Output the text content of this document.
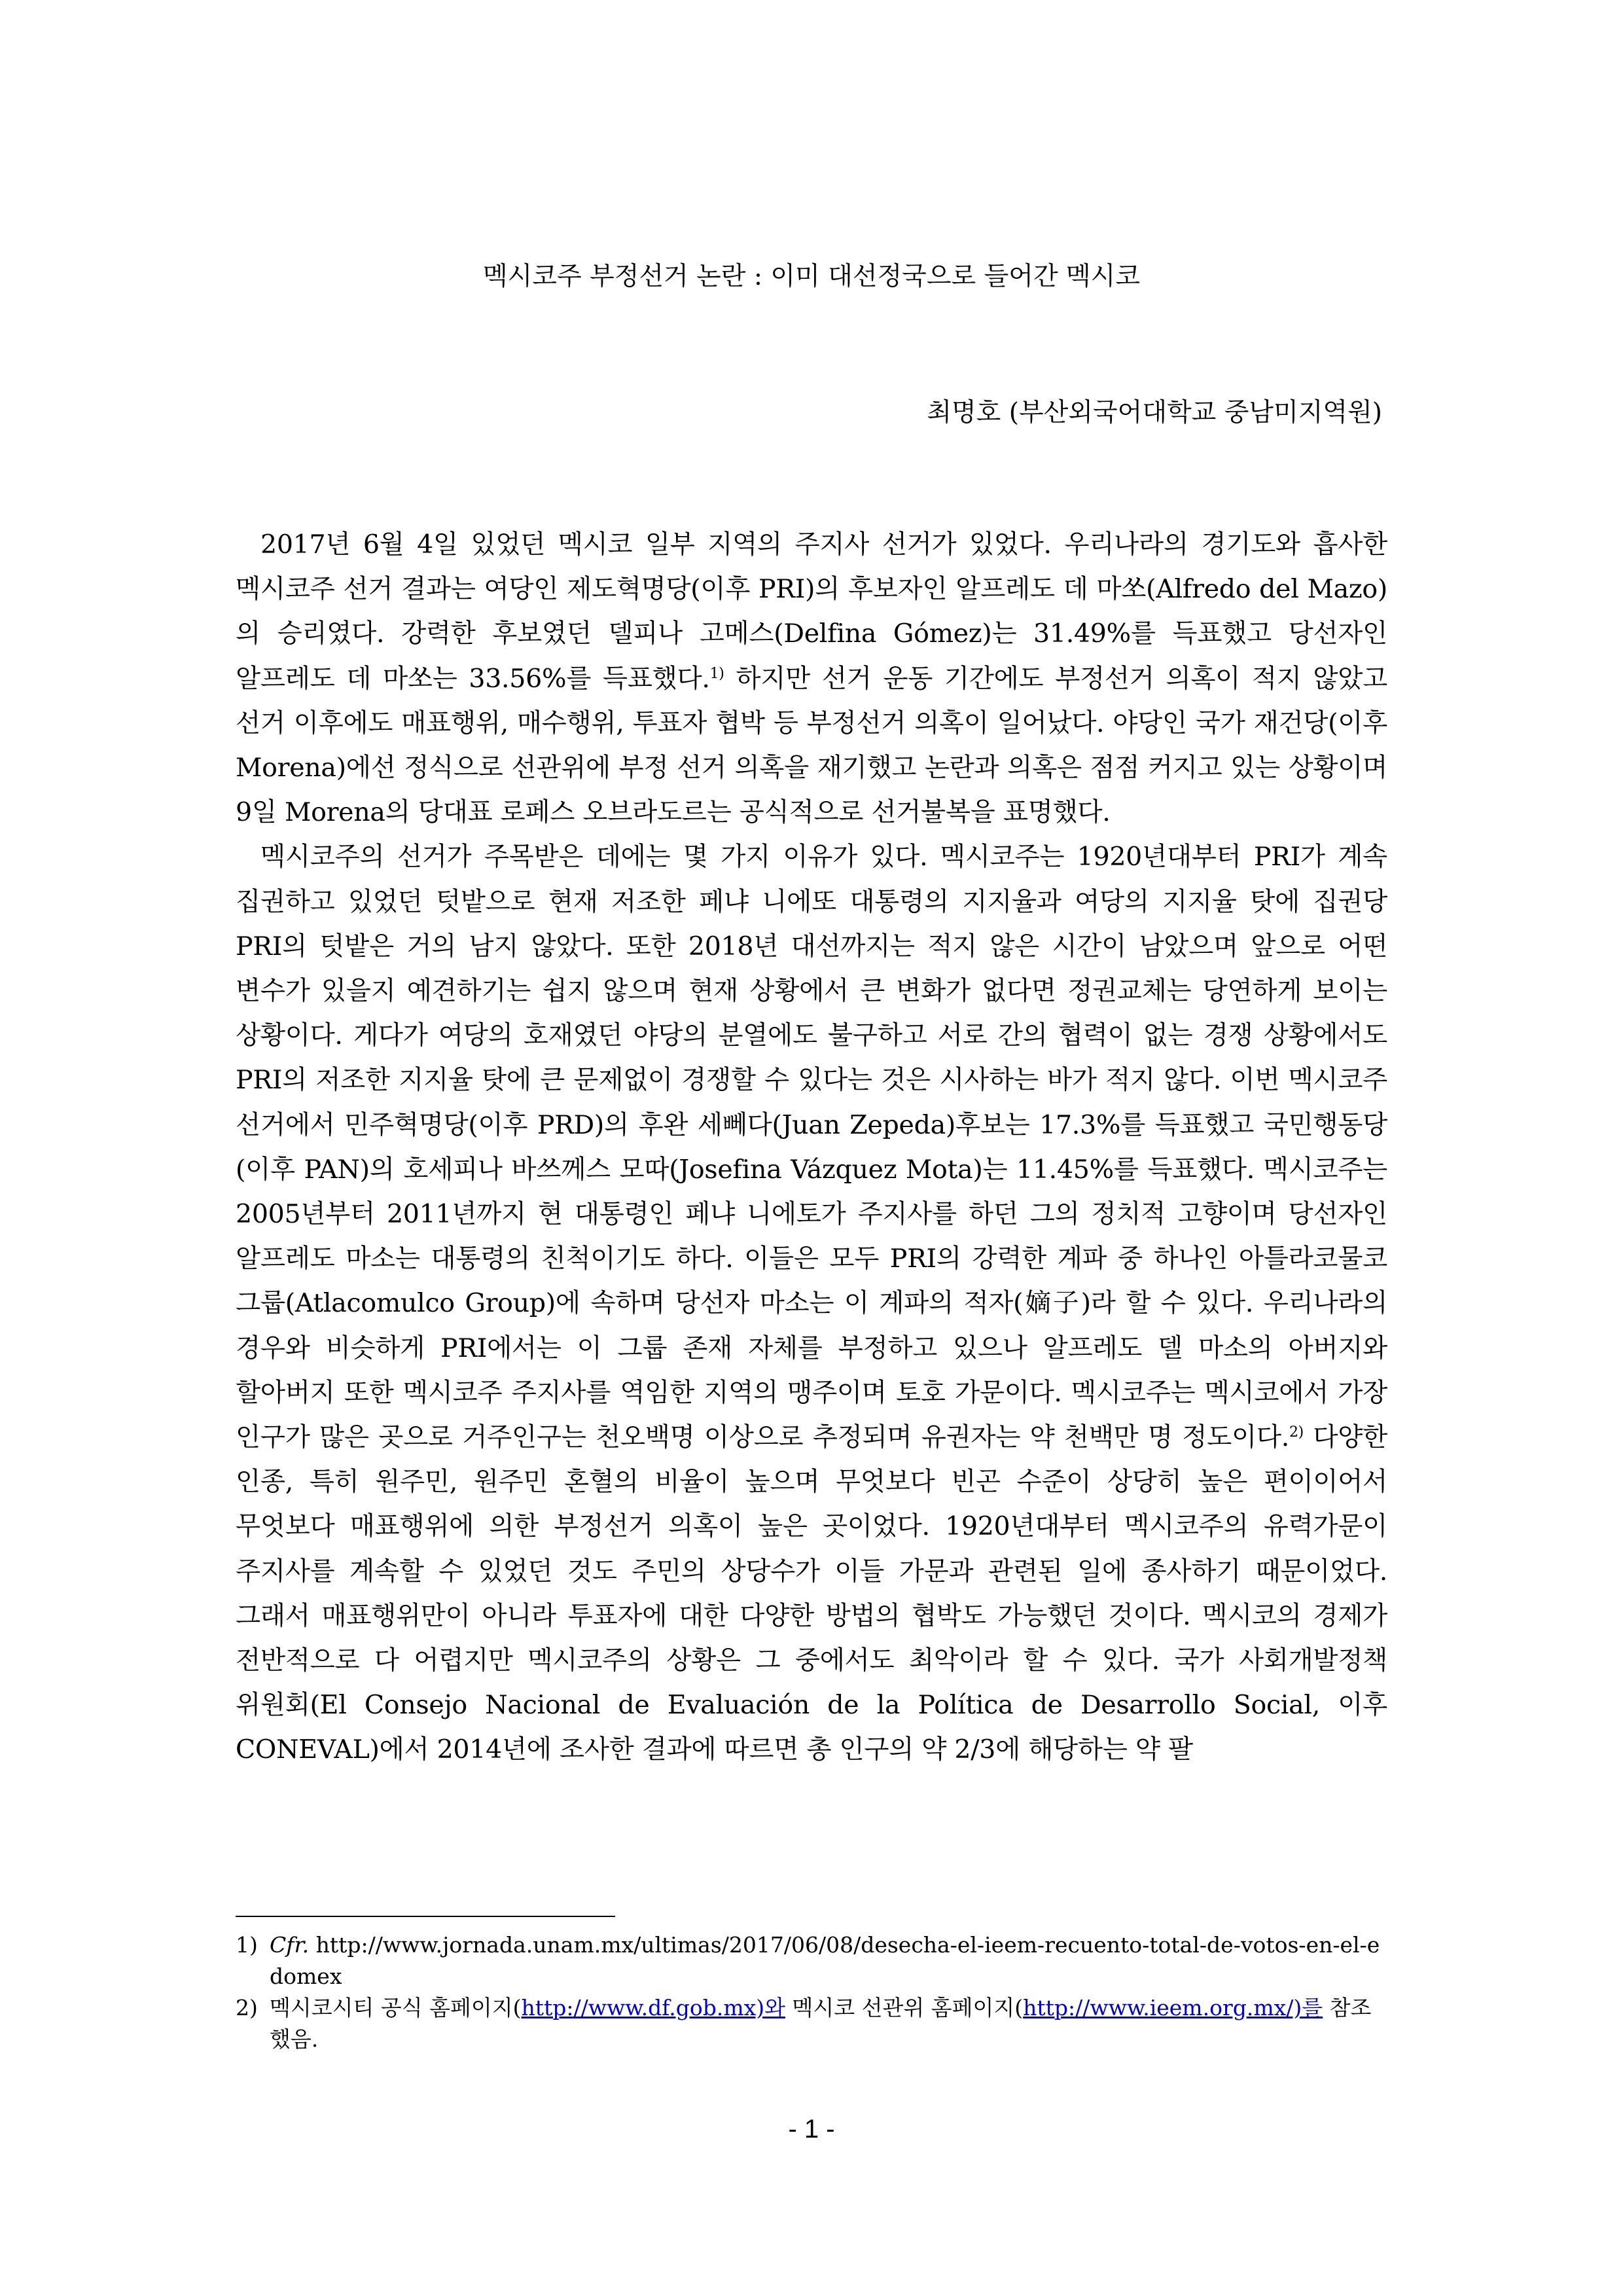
멕시코주 부정선거 논란 : 이미 대선정국으로 들어간 멕시코
최명호 (부산외국어대학교 중남미지역원)

2017년 6월 4일 있었던 멕시코 일부 지역의 주지사 선거가 있었다. 우리나라의 경기도와 흡사한 멕시코주 선거 결과는 여당인 제도혁명당(이후 PRI)의 후보자인 알프레도 데 마쏘(Alfredo del Mazo)의 승리였다. 강력한 후보였던 델피나 고메스(Delfina Gómez)는 31.49%를 득표했고 당선자인 알프레도 데 마쏘는 33.56%를 득표했다.$^{1)}$ 하지만 선거 운동 기간에도 부정선거 의혹이 적지 않았고 선거 이후에도 매표행위, 매수행위, 투표자 협박 등 부정선거 의혹이 일어났다. 야당인 국가 재건당(이후 Morena)에선 정식으로 선관위에 부정 선거 의혹을 재기했고 논란과 의혹은 점점 커지고 있는 상황이며 9일 Morena의 당대표 로페스 오브라도르는 공식적으로 선거불복을 표명했다.

멕시코주의 선거가 주목받은 데에는 몇 가지 이유가 있다. 멕시코주는 1920년대부터 PRI가 계속 집권하고 있었던 텃밭으로 현재 저조한 페냐 니에또 대통령의 지지율과 여당의 지지율 탓에 집권당 PRI의 텃밭은 거의 남지 않았다. 또한 2018년 대선까지는 적지 않은 시간이 남았으며 앞으로 어떤 변수가 있을지 예견하기는 쉽지 않으며 현재 상황에서 큰 변화가 없다면 정권교체는 당연하게 보이는 상황이다. 게다가 여당의 호재였던 야당의 분열에도 불구하고 서로 간의 협력이 없는 경쟁 상황에서도 PRI의 저조한 지지율 탓에 큰 문제없이 경쟁할 수 있다는 것은 시사하는 바가 적지 않다. 이번 멕시코주 선거에서 민주혁명당(이후 PRD)의 후완 세뻬다(Juan Zepeda)후보는 17.3%를 득표했고 국민행동당(이후 PAN)의 호세피나 바쓰께스 모따(Josefina Vázquez Mota)는 11.45%를 득표했다. 멕시코주는 2005년부터 2011년까지 현 대통령인 페냐 니에토가 주지사를 하던 그의 정치적 고향이며 당선자인 알프레도 마소는 대통령의 친척이기도 하다. 이들은 모두 PRI의 강력한 계파 중 하나인 아틀라코물코 그룹(Atlacomulco Group)에 속하며 당선자 마소는 이 계파의 적자(嫡子)라 할 수 있다. 우리나라의 경우와 비슷하게 PRI에서는 이 그룹 존재 자체를 부정하고 있으나 알프레도 델 마소의 아버지와 할아버지 또한 멕시코주 주지사를 역임한 지역의 맹주이며 토호 가문이다. 멕시코주는 멕시코에서 가장 인구가 많은 곳으로 거주인구는 천오백명 이상으로 추정되며 유권자는 약 천백만 명 정도이다.$^{2)}$ 다양한 인종, 특히 원주민, 원주민 혼혈의 비율이 높으며 무엇보다 빈곤 수준이 상당히 높은 편이이어서 무엇보다 매표행위에 의한 부정선거 의혹이 높은 곳이었다. 1920년대부터 멕시코주의 유력가문이 주지사를 계속할 수 있었던 것도 주민의 상당수가 이들 가문과 관련된 일에 종사하기 때문이었다. 그래서 매표행위만이 아니라 투표자에 대한 다양한 방법의 협박도 가능했던 것이다. 멕시코의 경제가 전반적으로 다 어렵지만 멕시코주의 상황은 그 중에서도 최악이라 할 수 있다. 국가 사회개발정책 위원회(El Consejo Nacional de Evaluación de la Política de Desarrollo Social, 이후 CONEVAL)에서 2014년에 조사한 결과에 따르면 총 인구의 약 2/3에 해당하는 약 팔

1) Cfr. http://www.jornada.unam.mx/ultimas/2017/06/08/desecha-el-ieem-recuento-total-de-votos-en-el-edomex
2) 멕시코시티 공식 홈페이지(http://www.df.gob.mx)와 멕시코 선관위 홈페이지(http://www.ieem.org.mx/)를 참조했음.
- 1 -
